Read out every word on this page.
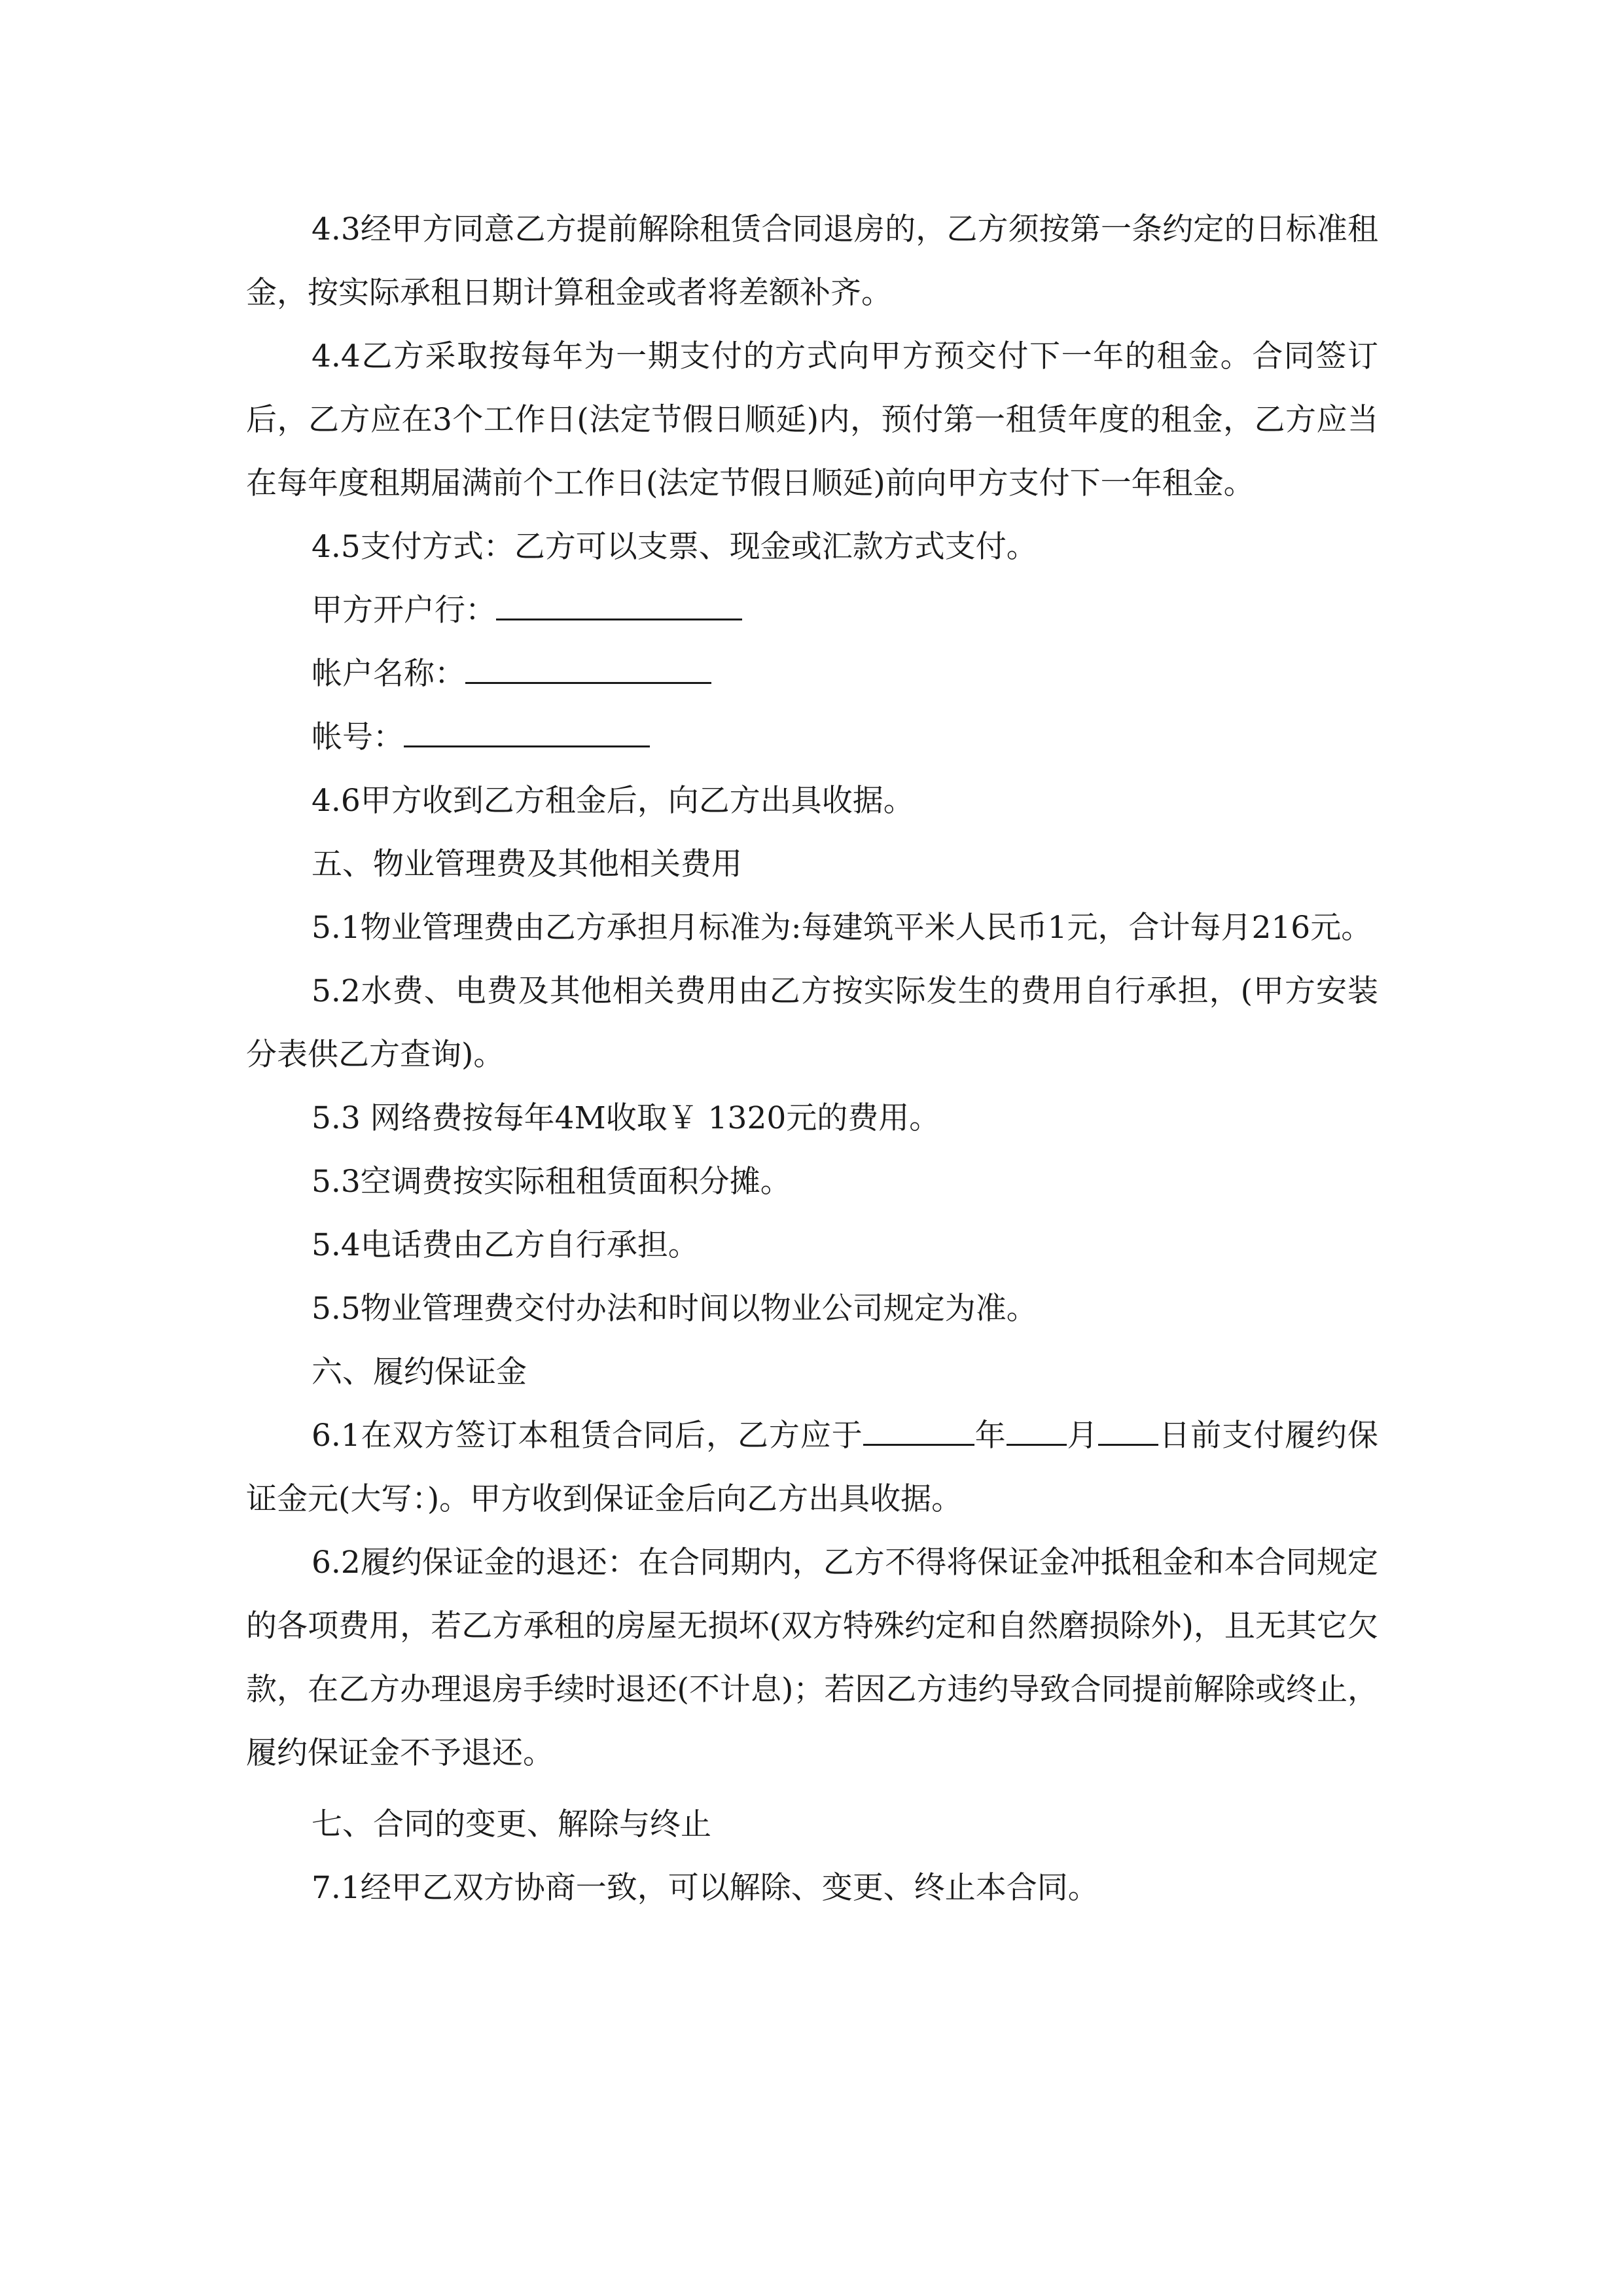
4.3经甲方同意乙方提前解除租赁合同退房的，乙方须按第一条约定的日标准租金，按实际承租日期计算租金或者将差额补齐。

4.4乙方采取按每年为一期支付的方式向甲方预交付下一年的租金。合同签订后，乙方应在3个工作日(法定节假日顺延)内，预付第一租赁年度的租金，乙方应当在每年度租期届满前个工作日(法定节假日顺延)前向甲方支付下一年租金。

4.5支付方式：乙方可以支票、现金或汇款方式支付。

甲方开户行：

帐户名称：

帐号：

4.6甲方收到乙方租金后，向乙方出具收据。

五、物业管理费及其他相关费用

5.1物业管理费由乙方承担月标准为:每建筑平米人民币1元，合计每月216元。

5.2水费、电费及其他相关费用由乙方按实际发生的费用自行承担，(甲方安装分表供乙方查询)。

5.3 网络费按每年4M收取￥ 1320元的费用。

5.3空调费按实际租租赁面积分摊。

5.4电话费由乙方自行承担。

5.5物业管理费交付办法和时间以物业公司规定为准。

六、履约保证金

6.1在双方签订本租赁合同后，乙方应于	年 月 日前支付履约保证金元(大写：)。甲方收到保证金后向乙方出具收据。

6.2履约保证金的退还：在合同期内，乙方不得将保证金冲抵租金和本合同规定的各项费用，若乙方承租的房屋无损坏(双方特殊约定和自然磨损除外)，且无其它欠款，在乙方办理退房手续时退还(不计息)；若因乙方违约导致合同提前解除或终止，履约保证金不予退还。

七、合同的变更、解除与终止

7.1经甲乙双方协商一致，可以解除、变更、终止本合同。
